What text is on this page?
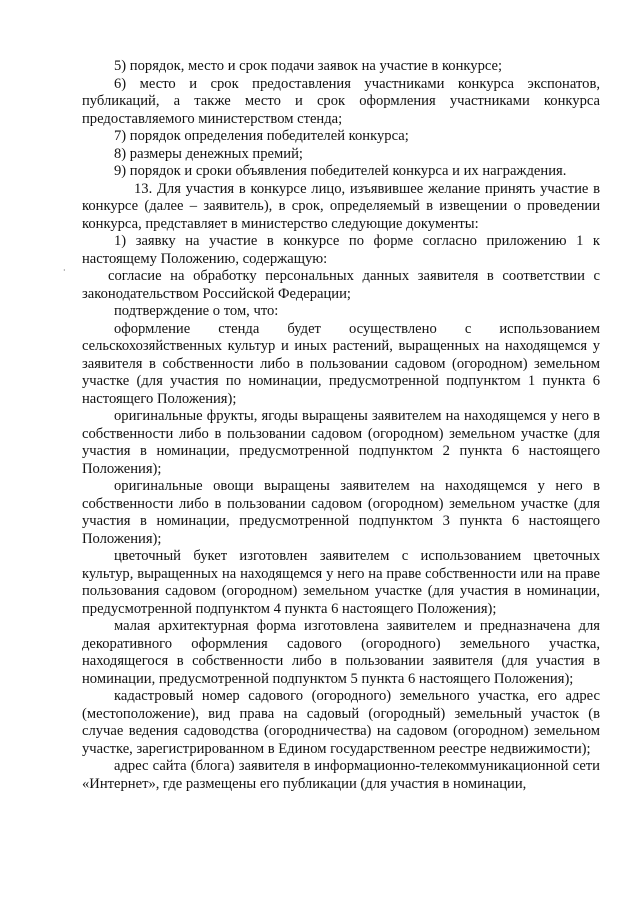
·

5) порядок, место и срок подачи заявок на участие в конкурсе;

6) место и срок предоставления участниками конкурса экспонатов, публикаций, а также место и срок оформления участниками конкурса предоставляемого министерством стенда;

7) порядок определения победителей конкурса;

8) размеры денежных премий;

9) порядок и сроки объявления победителей конкурса и их награждения.

13. Для участия в конкурсе лицо, изъявившее желание принять участие в конкурсе (далее – заявитель), в срок, определяемый в извещении о проведении конкурса, представляет в министерство следующие документы:

1) заявку на участие в конкурсе по форме согласно приложению 1 к настоящему Положению, содержащую:

согласие на обработку персональных данных заявителя в соответствии с законодательством Российской Федерации;

подтверждение о том, что:

оформление стенда будет осуществлено с использованием сельскохозяйственных культур и иных растений, выращенных на находящемся у заявителя в собственности либо в пользовании садовом (огородном) земельном участке (для участия по номинации, предусмотренной подпунктом 1 пункта 6 настоящего Положения);

оригинальные фрукты, ягоды выращены заявителем на находящемся у него в собственности либо в пользовании садовом (огородном) земельном участке (для участия в номинации, предусмотренной подпунктом 2 пункта 6 настоящего Положения);

оригинальные овощи выращены заявителем на находящемся у него в собственности либо в пользовании садовом (огородном) земельном участке (для участия в номинации, предусмотренной подпунктом 3 пункта 6 настоящего Положения);

цветочный букет изготовлен заявителем с использованием цветочных культур, выращенных на находящемся у него на праве собственности или на праве пользования садовом (огородном) земельном участке (для участия в номинации, предусмотренной подпунктом 4 пункта 6 настоящего Положения);

малая архитектурная форма изготовлена заявителем и предназначена для декоративного оформления садового (огородного) земельного участка, находящегося в собственности либо в пользовании заявителя (для участия в номинации, предусмотренной подпунктом 5 пункта 6 настоящего Положения);

кадастровый номер садового (огородного) земельного участка, его адрес (местоположение), вид права на садовый (огородный) земельный участок (в случае ведения садоводства (огородничества) на садовом (огородном) земельном участке, зарегистрированном в Едином государственном реестре недвижимости);

адрес сайта (блога) заявителя в информационно-телекоммуникационной сети «Интернет», где размещены его публикации (для участия в номинации,
